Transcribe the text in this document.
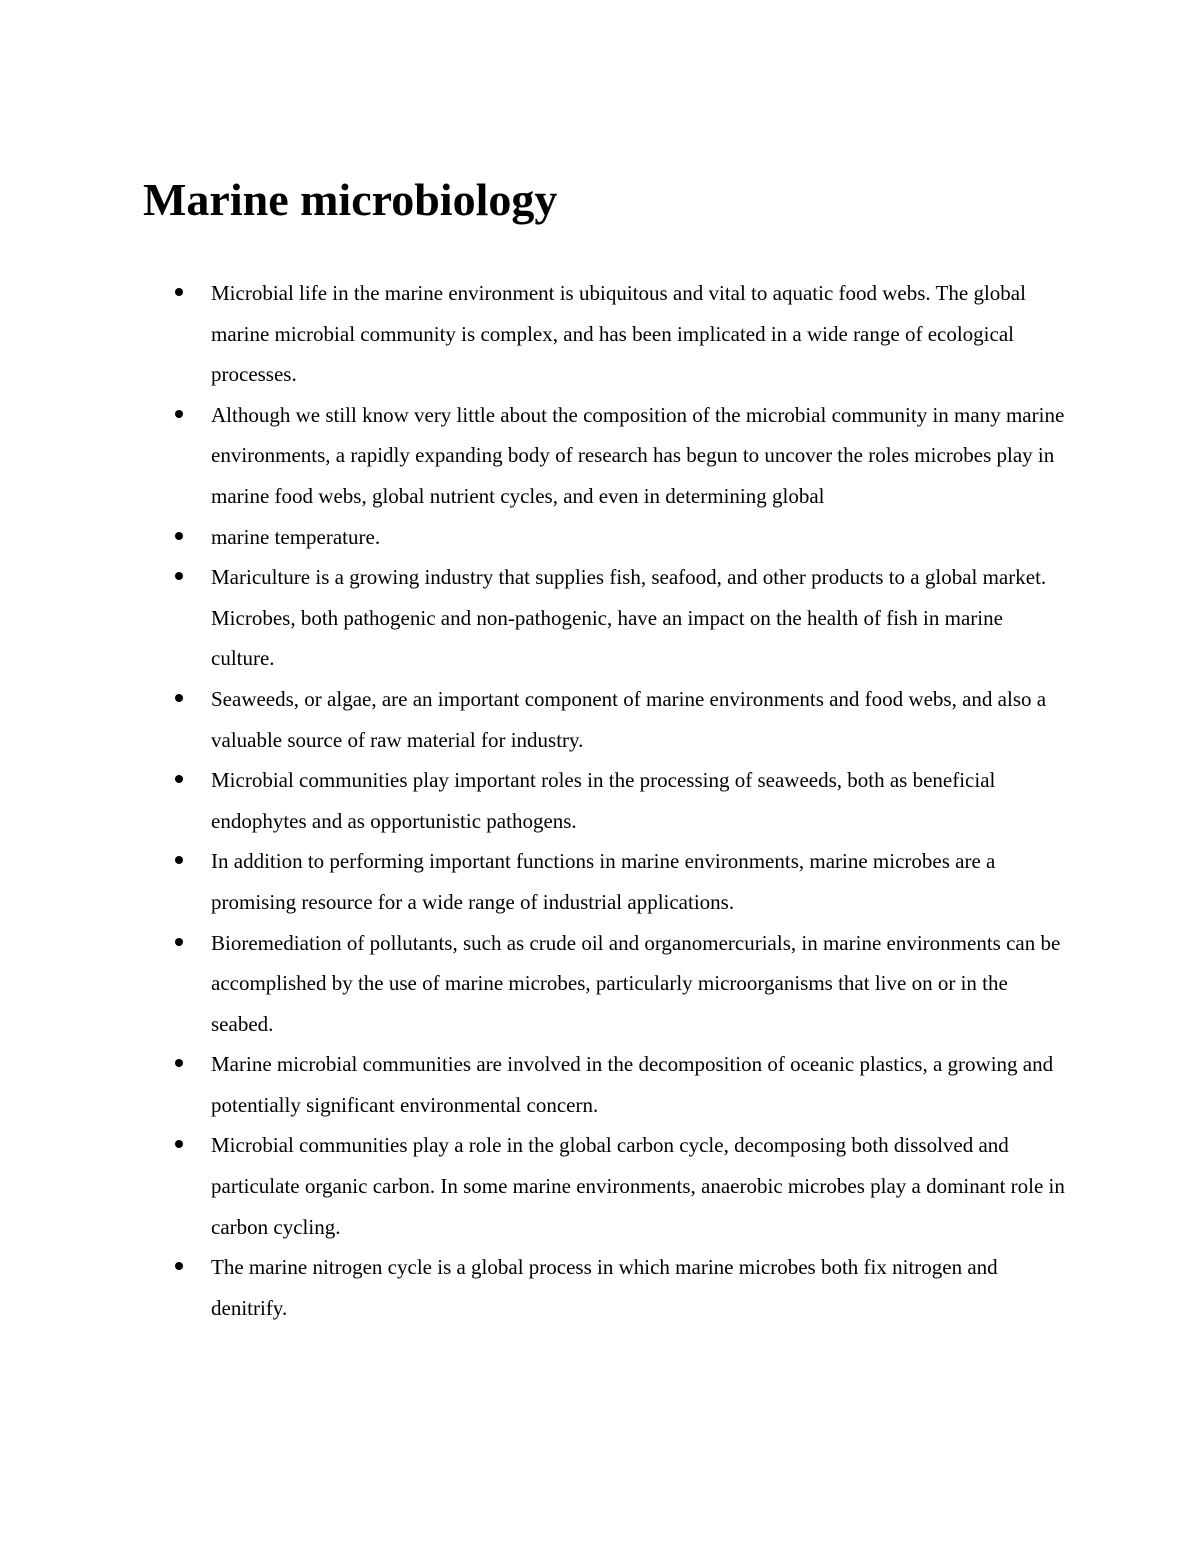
Marine microbiology
Microbial life in the marine environment is ubiquitous and vital to aquatic food webs. The global marine microbial community is complex, and has been implicated in a wide range of ecological processes.
Although we still know very little about the composition of the microbial community in many marine environments, a rapidly expanding body of research has begun to uncover the roles microbes play in marine food webs, global nutrient cycles, and even in determining global
marine temperature.
Mariculture is a growing industry that supplies fish, seafood, and other products to a global market. Microbes, both pathogenic and non-pathogenic, have an impact on the health of fish in marine culture.
Seaweeds, or algae, are an important component of marine environments and food webs, and also a valuable source of raw material for industry.
Microbial communities play important roles in the processing of seaweeds, both as beneficial endophytes and as opportunistic pathogens.
In addition to performing important functions in marine environments, marine microbes are a promising resource for a wide range of industrial applications.
Bioremediation of pollutants, such as crude oil and organomercurials, in marine environments can be accomplished by the use of marine microbes, particularly microorganisms that live on or in the seabed.
Marine microbial communities are involved in the decomposition of oceanic plastics, a growing and potentially significant environmental concern.
Microbial communities play a role in the global carbon cycle, decomposing both dissolved and particulate organic carbon. In some marine environments, anaerobic microbes play a dominant role in carbon cycling.
The marine nitrogen cycle is a global process in which marine microbes both fix nitrogen and denitrify.
